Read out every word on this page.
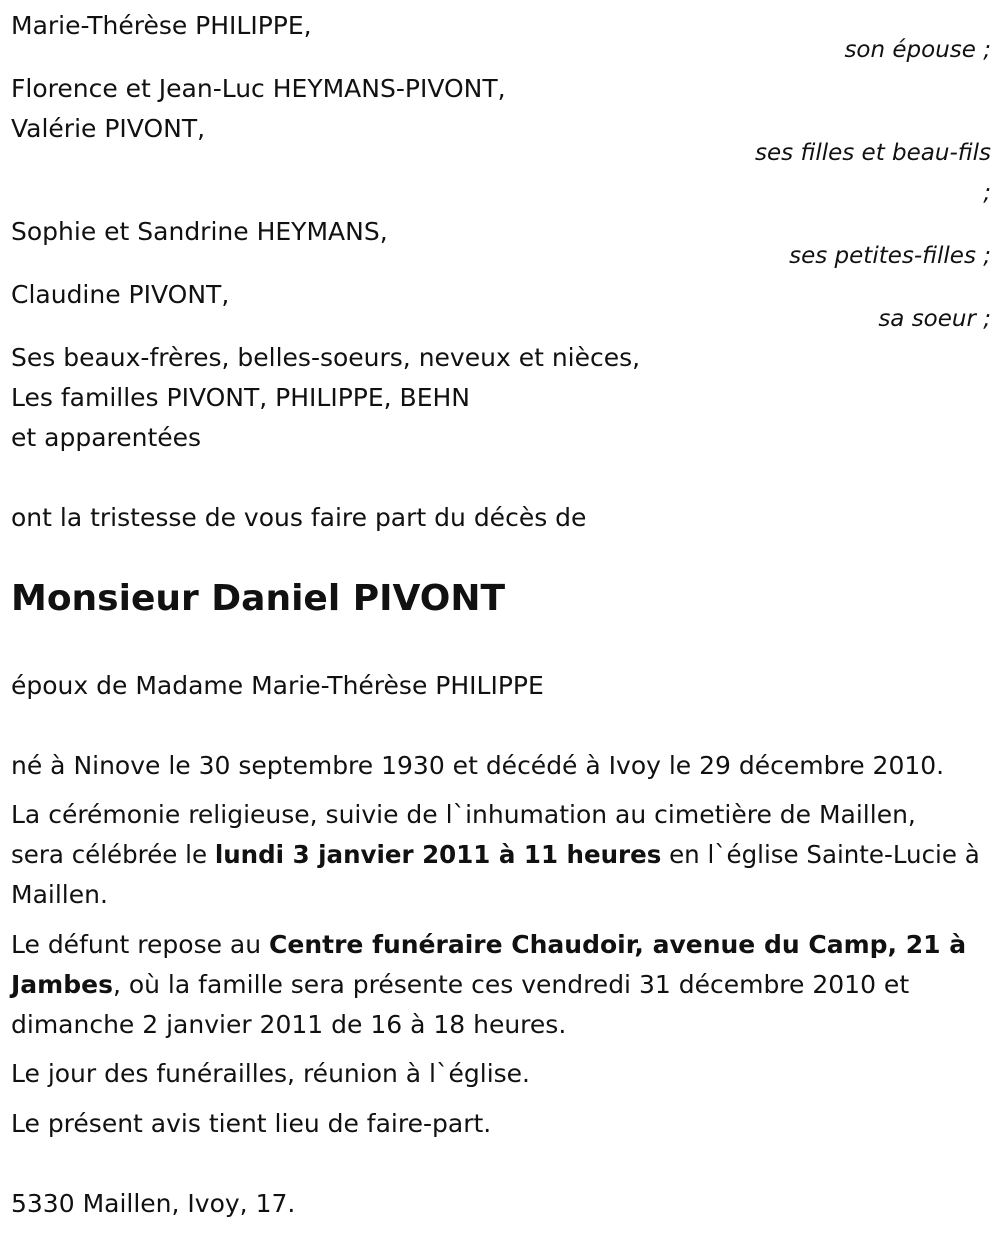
Marie-Thérèse PHILIPPE,
son épouse ;
Florence et Jean-Luc HEYMANS-PIVONT,
Valérie PIVONT,
ses filles et beau-fils
;
Sophie et Sandrine HEYMANS,
ses petites-filles ;
Claudine PIVONT,
sa soeur ;
Ses beaux-frères, belles-soeurs, neveux et nièces,
Les familles PIVONT, PHILIPPE, BEHN
et apparentées
ont la tristesse de vous faire part du décès de
Monsieur Daniel PIVONT
époux de Madame Marie-Thérèse PHILIPPE
né à Ninove le 30 septembre 1930 et décédé à Ivoy le 29 décembre 2010.
La cérémonie religieuse, suivie de l`inhumation au cimetière de Maillen,
sera célébrée le lundi 3 janvier 2011 à 11 heures en l`église Sainte-Lucie à
Maillen.
Le défunt repose au Centre funéraire Chaudoir, avenue du Camp, 21 à
Jambes, où la famille sera présente ces vendredi 31 décembre 2010 et
dimanche 2 janvier 2011 de 16 à 18 heures.
Le jour des funérailles, réunion à l`église.
Le présent avis tient lieu de faire-part.
5330 Maillen, Ivoy, 17.
